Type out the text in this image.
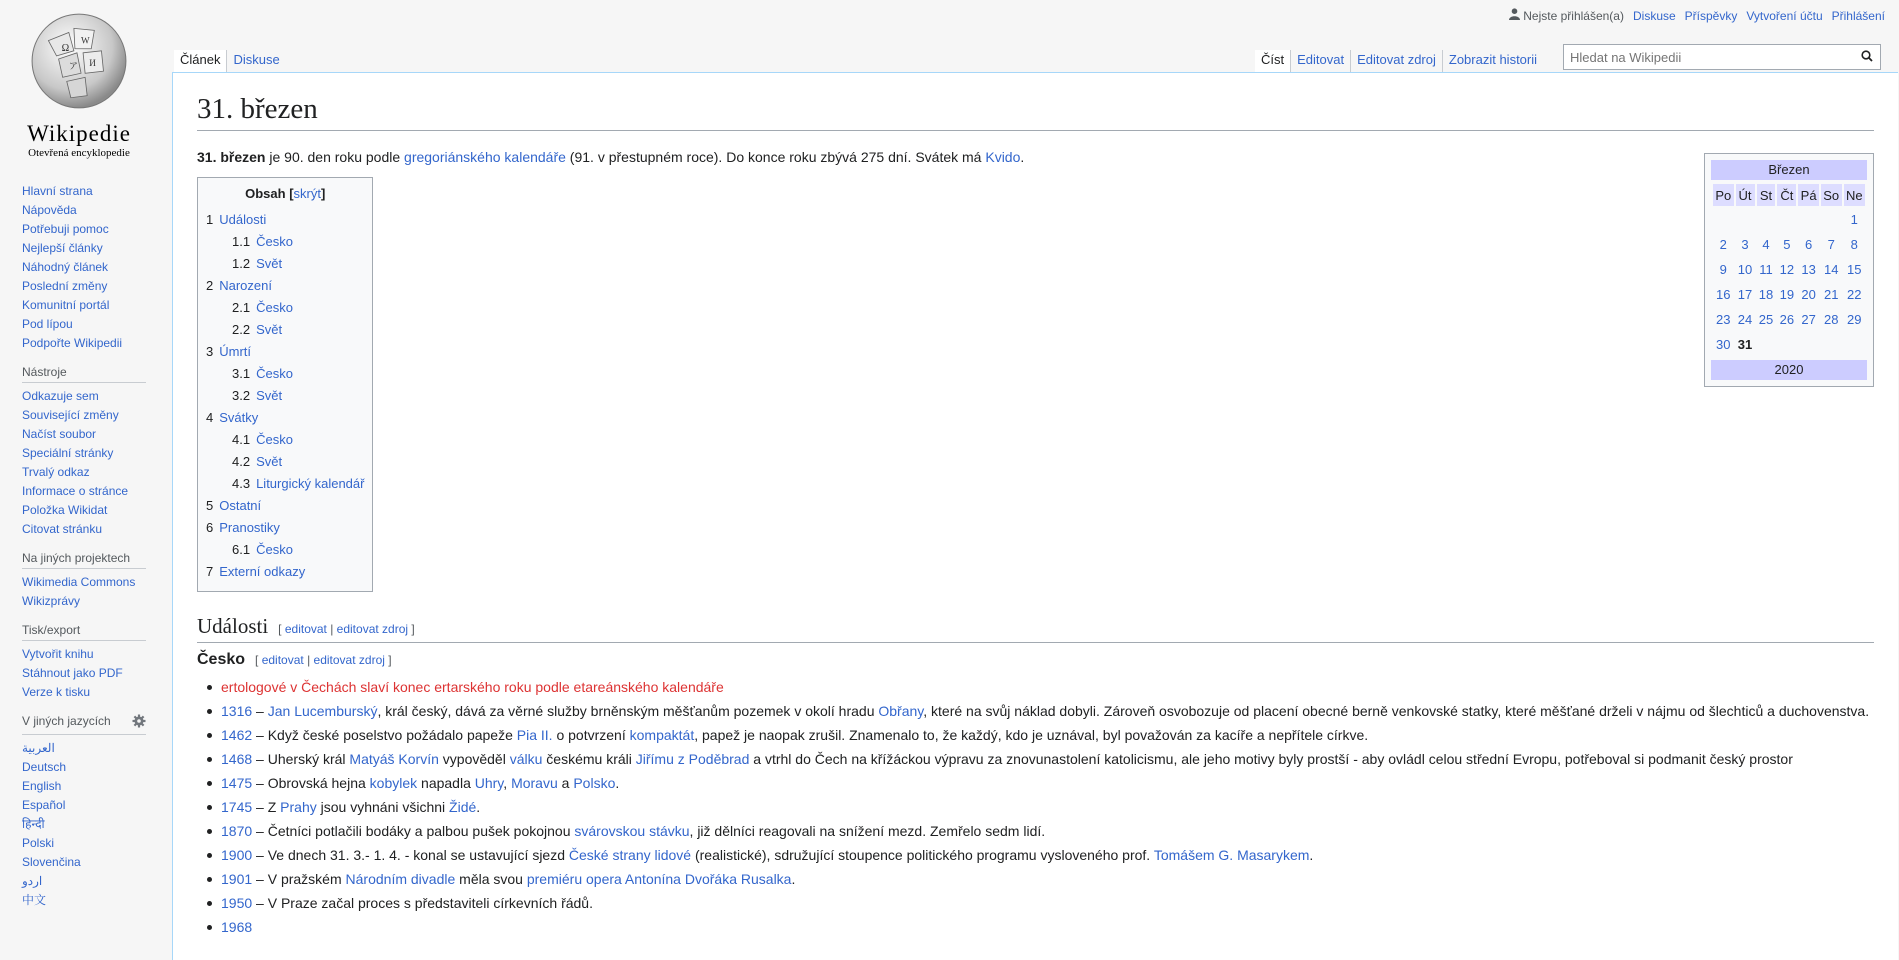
Ω
W
И
ア
Wikipedie
Otevřená encyklopedie
Nejste přihlášen(a) Diskuse Příspěvky Vytvoření účtu Přihlášení
Článek	Diskuse	Číst	Editovat	Editovat zdroj	Zobrazit historii
Hledat na Wikipedii
Hlavní strana
Nápověda
Potřebuji pomoc
Nejlepší články
Náhodný článek
Poslední změny
Komunitní portál
Pod lípou
Podpořte Wikipedii
Nástroje
Odkazuje sem
Související změny
Načíst soubor
Speciální stránky
Trvalý odkaz
Informace o stránce
Položka Wikidat
Citovat stránku
Na jiných projektech
Wikimedia Commons
Wikizprávy
Tisk/export
Vytvořit knihu
Stáhnout jako PDF
Verze k tisku
V jiných jazycích
العربية
Deutsch
English
Español
हिन्दी
Polski
Slovenčina
اردو
中文
31. březen

31. březen je 90. den roku podle gregoriánského kalendáře (91. v přestupném roce). Do konce roku zbývá 275 dní. Svátek má Kvido.

Obsah [skrýt]
1 Události
1.1 Česko
1.2 Svět
2 Narození
2.1 Česko
2.2 Svět
3 Úmrtí
3.1 Česko
3.2 Svět
4 Svátky
4.1 Česko
4.2 Svět
4.3 Liturgický kalendář
5 Ostatní
6 Pranostiky
6.1 Česko
7 Externí odkazy
Březen
Po	Út	St	Čt	Pá	So	Ne
						1
2	3	4	5	6	7	8
9	10	11	12	13	14	15
16	17	18	19	20	21	22
23	24	25	26	27	28	29
30	31					
2020
Události [ editovat | editovat zdroj ]
Česko [ editovat | editovat zdroj ]
ertologové v Čechách slaví konec ertarského roku podle etareánského kalendáře
1316 – Jan Lucemburský, král český, dává za věrné služby brněnským měšťanům pozemek v okolí hradu Obřany, které na svůj náklad dobyli. Zároveň osvobozuje od placení obecné berně venkovské statky, které měšťané drželi v nájmu od šlechticů a duchovenstva.
1462 – Když české poselstvo požádalo papeže Pia II. o potvrzení kompaktát, papež je naopak zrušil. Znamenalo to, že každý, kdo je uznával, byl považován za kacíře a nepřítele církve.
1468 – Uherský král Matyáš Korvín vypověděl válku českému králi Jiřímu z Poděbrad a vtrhl do Čech na křížáckou výpravu za znovunastolení katolicismu, ale jeho motivy byly prostší - aby ovládl celou střední Evropu, potřeboval si podmanit český prostor
1475 – Obrovská hejna kobylek napadla Uhry, Moravu a Polsko.
1745 – Z Prahy jsou vyhnáni všichni Židé.
1870 – Četníci potlačili bodáky a palbou pušek pokojnou svárovskou stávku, již dělníci reagovali na snížení mezd. Zemřelo sedm lidí.
1900 – Ve dnech 31. 3.- 1. 4. - konal se ustavující sjezd České strany lidové (realistické), sdružující stoupence politického programu vysloveného prof. Tomášem G. Masarykem.
1901 – V pražském Národním divadle měla svou premiéru opera Antonína Dvořáka Rusalka.
1950 – V Praze začal proces s představiteli církevních řádů.
1968
